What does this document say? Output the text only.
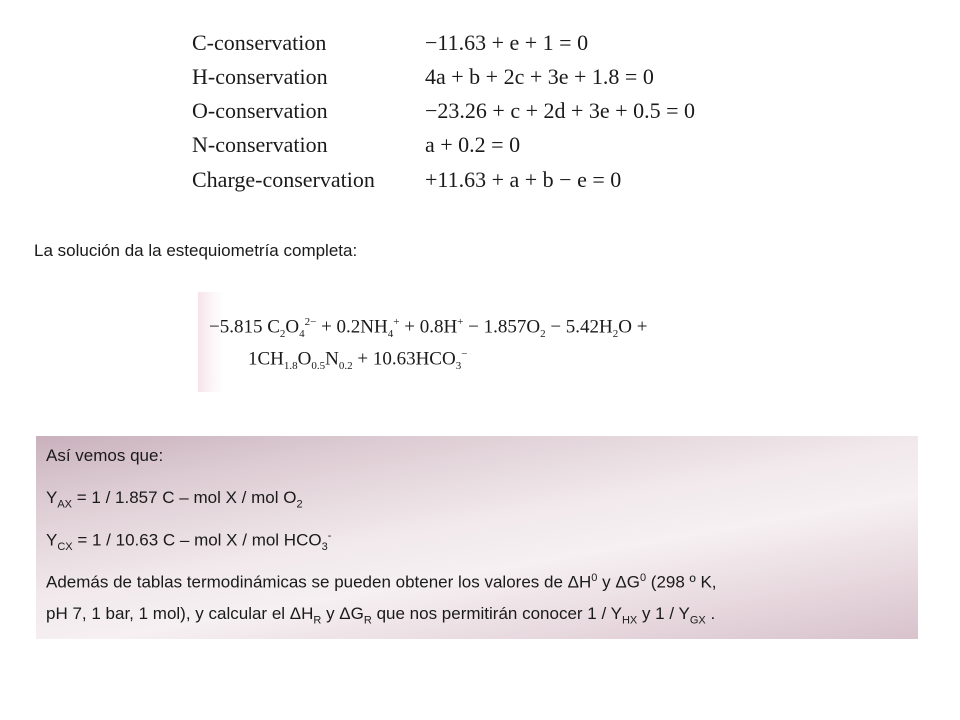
C-conservation	−11.63 + e + 1 = 0
H-conservation	4a + b + 2c + 3e + 1.8 = 0
O-conservation	−23.26 + c + 2d + 3e + 0.5 = 0
N-conservation	a + 0.2 = 0
Charge-conservation +11.63 + a + b − e = 0
La solución da la estequiometría completa:
−5.815 $C_2O_4^{2-} + 0.2NH_4^+ + 0.8H^+ - 1.857O_2 - 5.42H_2O$ +
$1CH_{1.8}O_{0.5}N_{0.2} + 10.63HCO_3^-$
Así vemos que:
$Y_{AX} = 1 / 1.857$ C – mol X / mol $O_2$
$Y_{CX} = 1 / 10.63$ C – mol X / mol $HCO_3^-$
Además de tablas termodinámicas se pueden obtener los valores de $\Delta H^0$ y $\Delta G^0$ (298 º K,
pH 7, 1 bar, 1 mol), y calcular el $\Delta H_R$ y $\Delta G_R$ que nos permitirán conocer $1 / Y_{HX}$ y $1 / Y_{GX}$ .
